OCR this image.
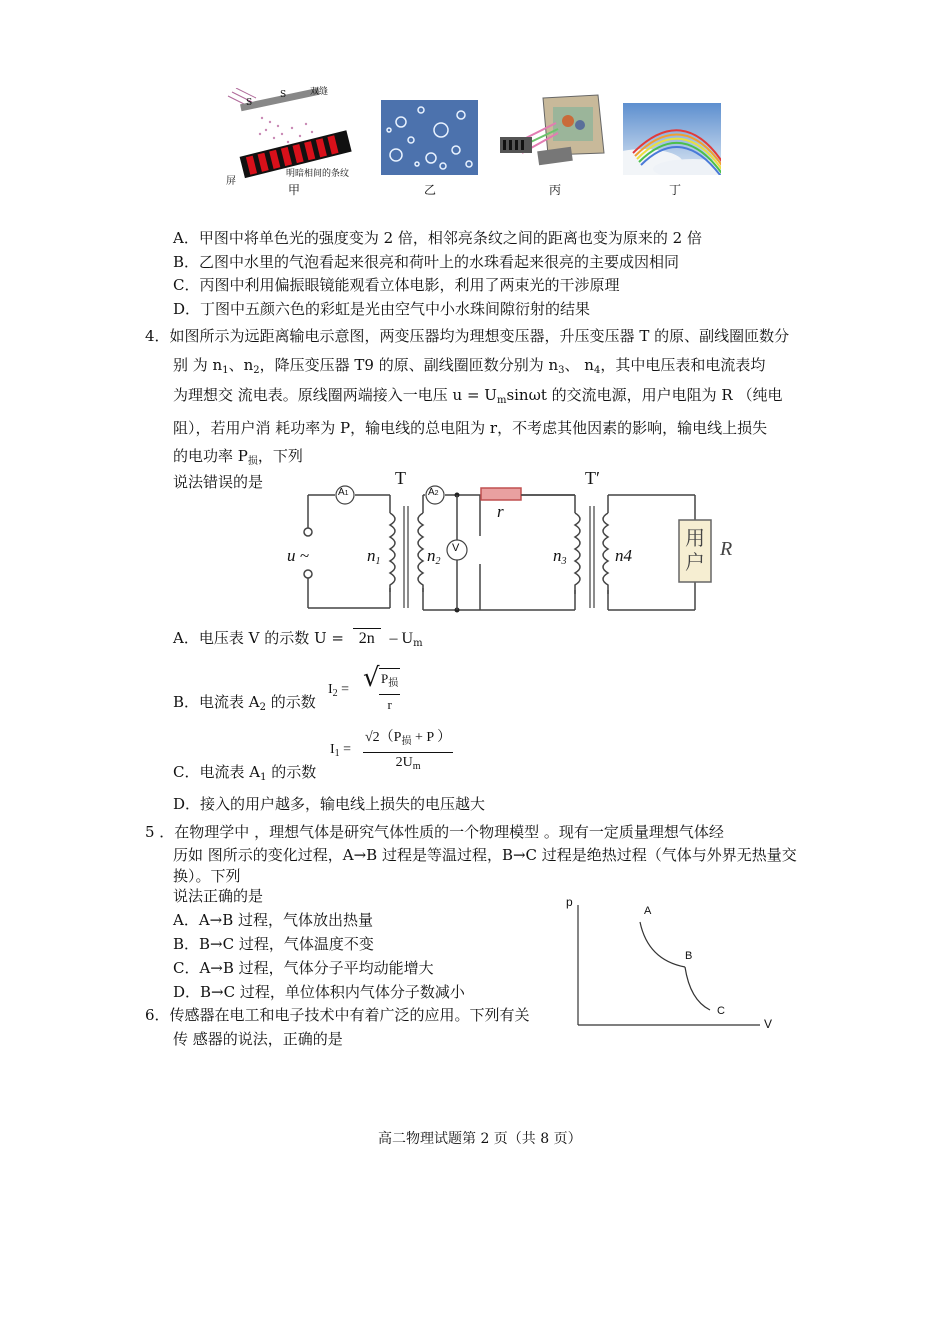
双缝
S
S
屏
明暗相间的条纹
甲	乙	丙	丁
A．甲图中将单色光的强度变为 2 倍，相邻亮条纹之间的距离也变为原来的 2 倍
B．乙图中水里的气泡看起来很亮和荷叶上的水珠看起来很亮的主要成因相同
C．丙图中利用偏振眼镜能观看立体电影，利用了两束光的干涉原理
D．丁图中五颜六色的彩虹是光由空气中小水珠间隙衍射的结果
4．如图所示为远距离输电示意图，两变压器均为理想变压器，升压变压器 T 的原、副线圈匝数分
别 为 $n_1$、$n_2$，降压变压器 T9 的原、副线圈匝数分别为 $n_3$、 $n_4$，其中电压表和电流表均
为理想交 流电表。原线圈两端接入一电压 $u = U_m\sin\omega t$ 的交流电源，用户电阻为 R （纯电
阻），若用户消 耗功率为 P，输电线的总电阻为 r，不考虑其他因素的影响，输电线上损失
的电功率 $P_损$，下列
说法错误的是	T	T′
A1	A2
V
r
u ~	$n_1$	$n_2$	$n_3$	n4
用户
R
A．电压表 V 的示数 $U = 2n - U_m$
B．电流表 $A_2$ 的示数
$I_2$ = √ $P_损$
r
C．电流表 $A_1$ 的示数
$I_1$ =
$√2(P_损 + P$ ）
$2U_m$
D．接入的用户越多，输电线上损失的电压越大
5 ．在物理学中 ，理想气体是研究气体性质的一个物理模型 。现有一定质量理想气体经
历如 图所示的变化过程，A→B 过程是等温过程，B→C 过程是绝热过程（气体与外界无热量交
换）。下列
说法正确的是
A．A→B 过程，气体放出热量
B．B→C 过程，气体温度不变
C．A→B 过程，气体分子平均动能增大
D．B→C 过程，单位体积内气体分子数减小
p
V
A
B
C
6．传感器在电工和电子技术中有着广泛的应用。下列有关
传 感器的说法，正确的是
高二物理试题第 2 页（共 8 页）
